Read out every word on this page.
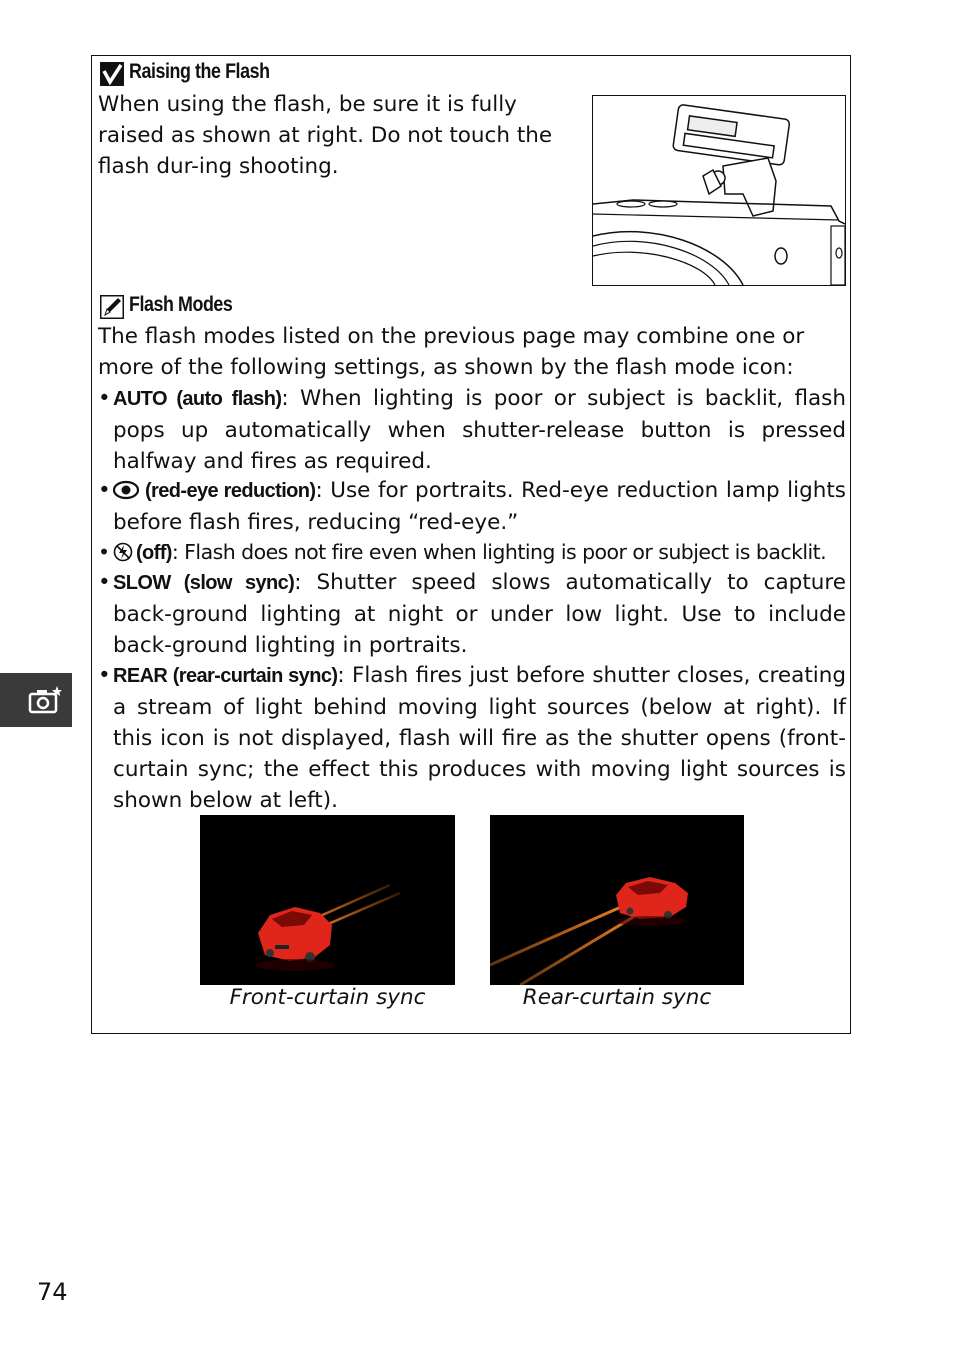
Raising the Flash
When using the flash, be sure it is fully raised as shown at right. Do not touch the flash dur-ing shooting.
Flash Modes
The flash modes listed on the previous page may combine one or more of the following settings, as shown by the flash mode icon:
• AUTO (auto flash): When lighting is poor or subject is backlit, flash pops up automatically when shutter-release button is pressed halfway and fires as required.
• (red-eye reduction): Use for portraits. Red-eye reduction lamp lights before flash fires, reducing “red-eye.”
• (off): Flash does not fire even when lighting is poor or subject is backlit.
• SLOW (slow sync): Shutter speed slows automatically to capture back-ground lighting at night or under low light. Use to include back-ground lighting in portraits.
• REAR (rear-curtain sync): Flash fires just before shutter closes, creating a stream of light behind moving light sources (below at right). If this icon is not displayed, flash will fire as the shutter opens (front-curtain sync; the effect this produces with moving light sources is shown below at left).
Front-curtain sync	Rear-curtain sync
74
